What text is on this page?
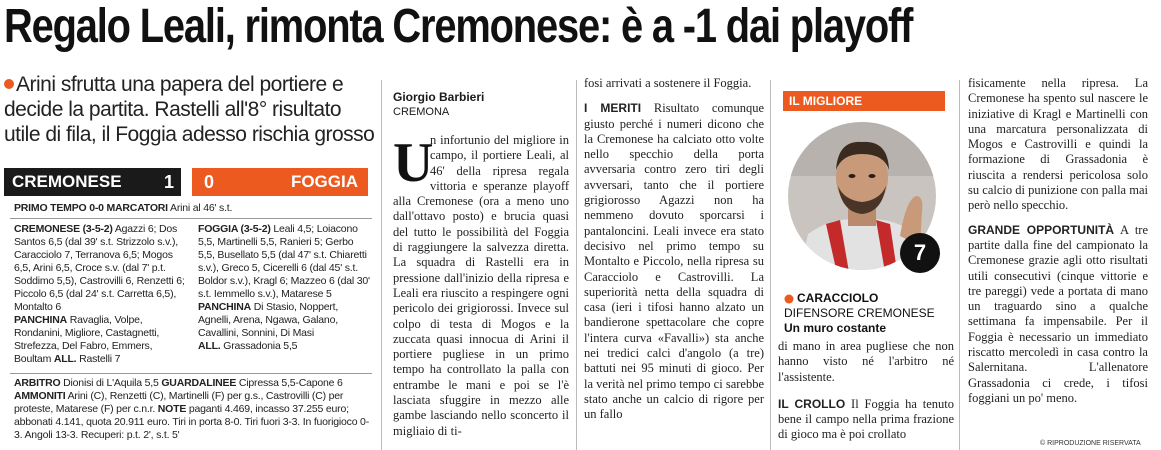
Regalo Leali, rimonta Cremonese: è a -1 dai playoff
Arini sfrutta una papera del portiere e decide la partita. Rastelli all'8° risultato utile di fila, il Foggia adesso rischia grosso
CREMONESE 1 0	FOGGIA
PRIMO TEMPO 0-0 MARCATORI Arini al 46' s.t.
CREMONESE (3-5-2) Agazzi 6; Dos Santos 6,5 (dal 39' s.t. Strizzolo s.v.), Caracciolo 7, Terranova 6,5; Mogos 6,5, Arini 6,5, Croce s.v. (dal 7' p.t. Soddimo 5,5), Castrovilli 6, Renzetti 6; Piccolo 6,5 (dal 24' s.t. Carretta 6,5), Montalto 6
PANCHINA Ravaglia, Volpe, Rondanini, Migliore, Castagnetti, Strefezza, Del Fabro, Emmers, Boultam ALL. Rastelli 7
FOGGIA (3-5-2) Leali 4,5; Loiacono 5,5, Martinelli 5,5, Ranieri 5; Gerbo 5,5, Busellato 5,5 (dal 47' s.t. Chiaretti s.v.), Greco 5, Cicerelli 6 (dal 45' s.t. Boldor s.v.), Kragl 6; Mazzeo 6 (dal 30' s.t. Iemmello s.v.), Matarese 5
PANCHINA Di Stasio, Noppert, Agnelli, Arena, Ngawa, Galano, Cavallini, Sonnini, Di Masi
ALL. Grassadonia 5,5
ARBITRO Dionisi di L'Aquila 5,5 GUARDALINEE Cipressa 5,5-Capone 6 AMMONITI Arini (C), Renzetti (C), Martinelli (F) per g.s., Castrovilli (C) per proteste, Matarese (F) per c.n.r. NOTE paganti 4.469, incasso 37.255 euro; abbonati 4.141, quota 20.911 euro. Tiri in porta 8-0. Tiri fuori 3-3. In fuorigioco 0-3. Angoli 13-3. Recuperi: p.t. 2', s.t. 5'
Giorgio Barbieri
CREMONA
U
n infortunio del migliore in campo, il portiere Leali, al 46' della ripresa regala vittoria e speranze playoff alla Cremonese (ora a meno uno dall'ottavo posto) e brucia quasi del tutto le possibilità del Foggia di raggiungere la salvezza diretta. La squadra di Rastelli era in pressione dall'inizio della ripresa e Leali era riuscito a respingere ogni pericolo dei grigiorossi. Invece sul colpo di testa di Mogos e la zuccata quasi innocua di Arini il portiere pugliese in un primo tempo ha controllato la palla con entrambe le mani e poi se l'è lasciata sfuggire in mezzo alle gambe lasciando nello sconcerto il migliaio di ti-
fosi arrivati a sostenere il Foggia.

I MERITI Risultato comunque giusto perché i numeri dicono che la Cremonese ha calciato otto volte nello specchio della porta avversaria contro zero tiri degli avversari, tanto che il portiere grigiorosso Agazzi non ha nemmeno dovuto sporcarsi i pantaloncini. Leali invece era stato decisivo nel primo tempo su Montalto e Piccolo, nella ripresa su Caracciolo e Castrovilli. La superiorità netta della squadra di casa (ieri i tifosi hanno alzato un bandierone spettacolare che copre l'intera curva «Favalli») sta anche nei tredici calci d'angolo (a tre) battuti nei 95 minuti di gioco. Per la verità nel primo tempo ci sarebbe stato anche un calcio di rigore per un fallo
IL MIGLIORE
7
CARACCIOLO
DIFENSORE CREMONESE
Un muro costante
di mano in area pugliese che non hanno visto né l'arbitro né l'assistente.

IL CROLLO Il Foggia ha tenuto bene il campo nella prima frazione di gioco ma è poi crollato
fisicamente nella ripresa. La Cremonese ha spento sul nascere le iniziative di Kragl e Martinelli con una marcatura personalizzata di Mogos e Castrovilli e quindi la formazione di Grassadonia è riuscita a rendersi pericolosa solo su calcio di punizione con palla mai però nello specchio.

GRANDE OPPORTUNITÀ A tre partite dalla fine del campionato la Cremonese grazie agli otto risultati utili consecutivi (cinque vittorie e tre pareggi) vede a portata di mano un traguardo sino a qualche settimana fa impensabile. Per il Foggia è necessario un immediato riscatto mercoledì in casa contro la Salernitana. L'allenatore Grassadonia ci crede, i tifosi foggiani un po' meno.
© RIPRODUZIONE RISERVATA
